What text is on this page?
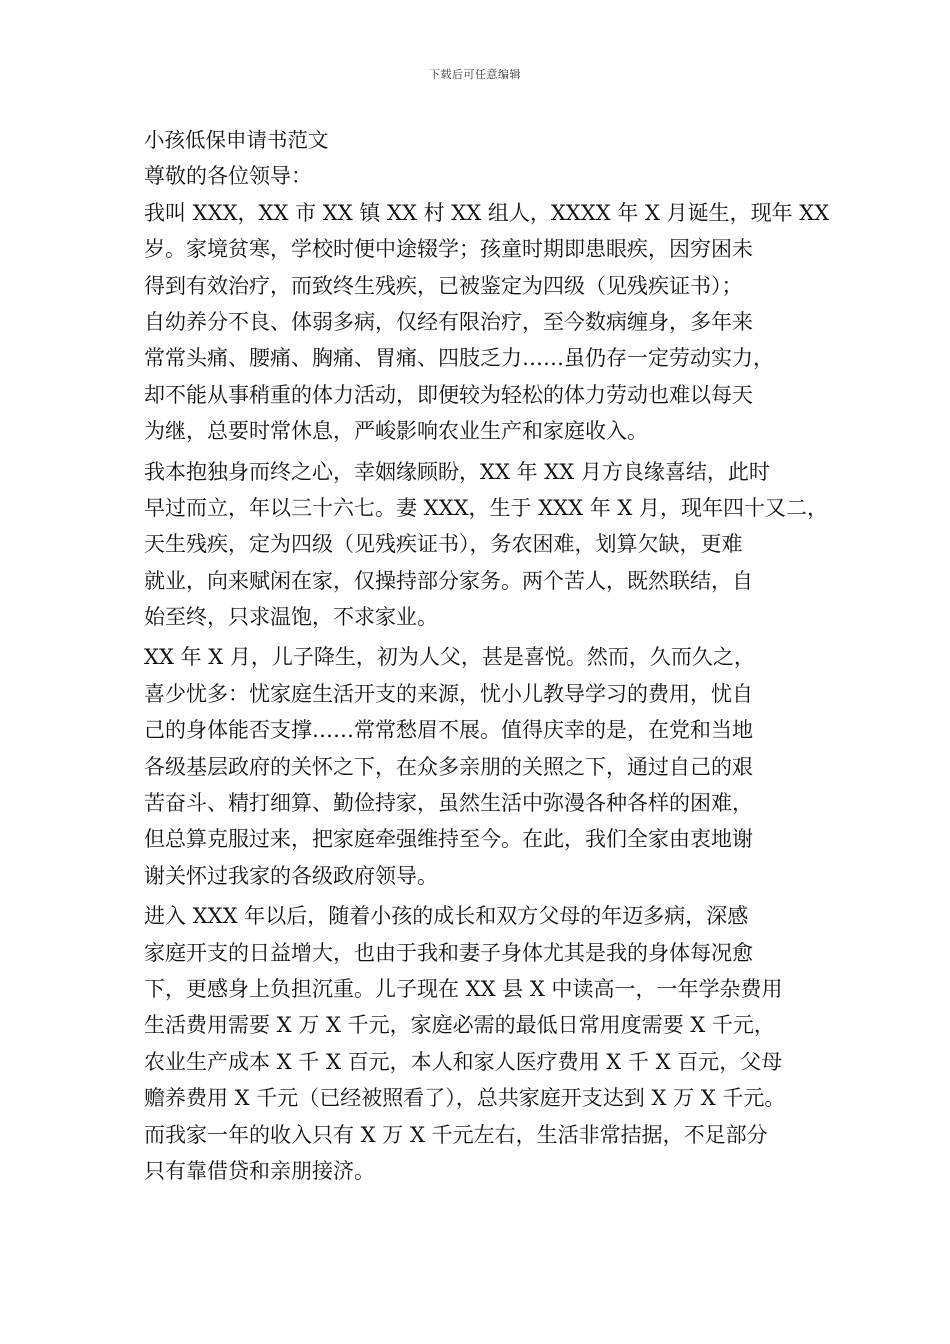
下载后可任意编辑
小孩低保申请书范文
尊敬的各位领导：
我叫 XXX，XX 市 XX 镇 XX 村 XX 组人，XXXX 年 X 月诞生，现年 XX
岁。家境贫寒，学校时便中途辍学；孩童时期即患眼疾，因穷困未
得到有效治疗，而致终生残疾，已被鉴定为四级（见残疾证书）；
自幼养分不良、体弱多病，仅经有限治疗，至今数病缠身，多年来
常常头痛、腰痛、胸痛、胃痛、四肢乏力……虽仍存一定劳动实力，
却不能从事稍重的体力活动，即便较为轻松的体力劳动也难以每天
为继，总要时常休息，严峻影响农业生产和家庭收入。
我本抱独身而终之心，幸姻缘顾盼，XX 年 XX 月方良缘喜结，此时
早过而立，年以三十六七。妻 XXX，生于 XXX 年 X 月，现年四十又二，
天生残疾，定为四级（见残疾证书），务农困难，划算欠缺，更难
就业，向来赋闲在家，仅操持部分家务。两个苦人，既然联结，自
始至终，只求温饱，不求家业。
XX 年 X 月，儿子降生，初为人父，甚是喜悦。然而，久而久之，
喜少忧多：忧家庭生活开支的来源，忧小儿教导学习的费用，忧自
己的身体能否支撑……常常愁眉不展。值得庆幸的是，在党和当地
各级基层政府的关怀之下，在众多亲朋的关照之下，通过自己的艰
苦奋斗、精打细算、勤俭持家，虽然生活中弥漫各种各样的困难，
但总算克服过来，把家庭牵强维持至今。在此，我们全家由衷地谢
谢关怀过我家的各级政府领导。
进入 XXX 年以后，随着小孩的成长和双方父母的年迈多病，深感
家庭开支的日益增大，也由于我和妻子身体尤其是我的身体每况愈
下，更感身上负担沉重。儿子现在 XX 县 X 中读高一，一年学杂费用
生活费用需要 X 万 X 千元，家庭必需的最低日常用度需要 X 千元，
农业生产成本 X 千 X 百元，本人和家人医疗费用 X 千 X 百元，父母
赡养费用 X 千元（已经被照看了），总共家庭开支达到 X 万 X 千元。
而我家一年的收入只有 X 万 X 千元左右，生活非常拮据，不足部分
只有靠借贷和亲朋接济。
